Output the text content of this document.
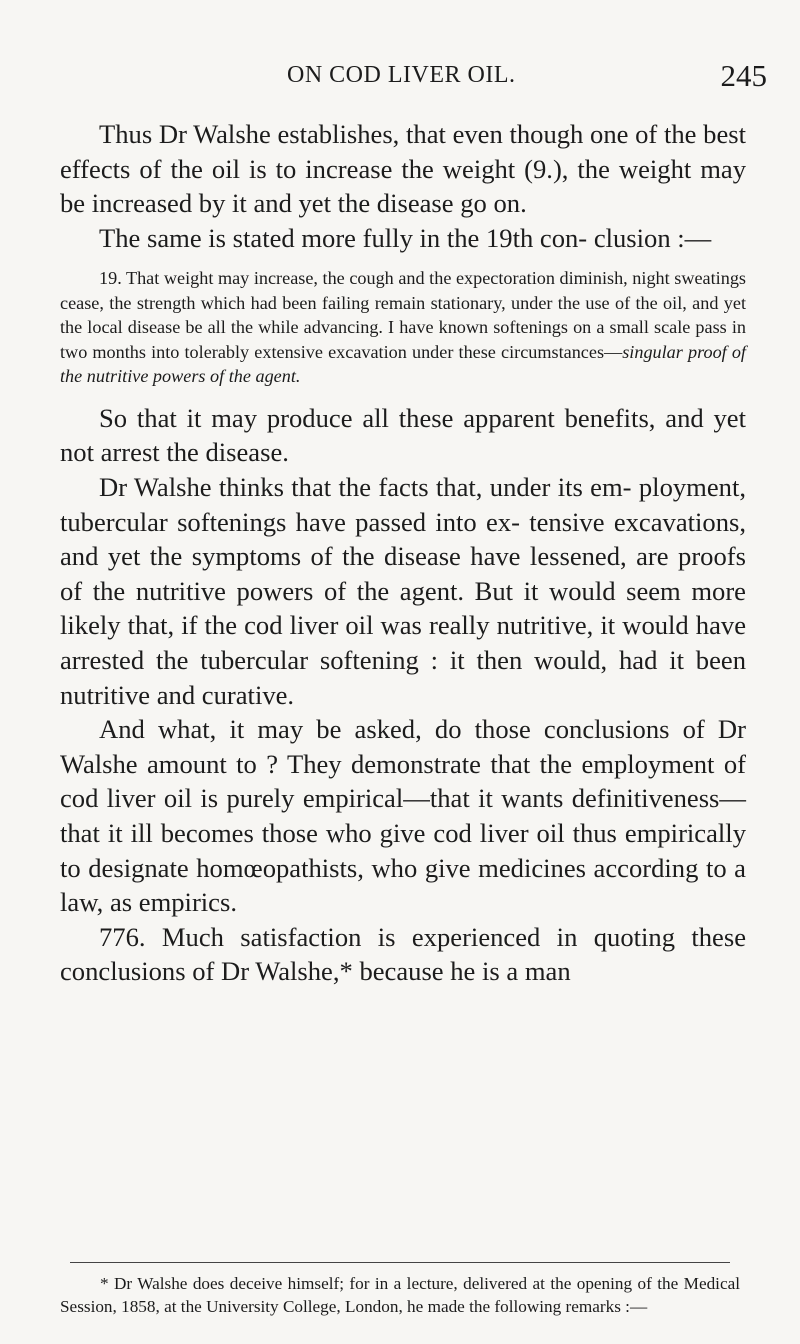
ON COD LIVER OIL.	245

Thus Dr Walshe establishes, that even though one of the best effects of the oil is to increase the weight (9.), the weight may be increased by it and yet the disease go on.

The same is stated more fully in the 19th con- clusion :—

19. That weight may increase, the cough and the expectoration diminish, night sweatings cease, the strength which had been failing remain stationary, under the use of the oil, and yet the local disease be all the while advancing. I have known softenings on a small scale pass in two months into tolerably extensive excavation under these circumstances—singular proof of the nutritive powers of the agent.

So that it may produce all these apparent benefits, and yet not arrest the disease.

Dr Walshe thinks that the facts that, under its em- ployment, tubercular softenings have passed into ex- tensive excavations, and yet the symptoms of the disease have lessened, are proofs of the nutritive powers of the agent. But it would seem more likely that, if the cod liver oil was really nutritive, it would have arrested the tubercular softening : it then would, had it been nutritive and curative.

And what, it may be asked, do those conclusions of Dr Walshe amount to ? They demonstrate that the employment of cod liver oil is purely empirical—that it wants definitiveness—that it ill becomes those who give cod liver oil thus empirically to designate homœopathists, who give medicines according to a law, as empirics.

776. Much satisfaction is experienced in quoting these conclusions of Dr Walshe,* because he is a man

* Dr Walshe does deceive himself; for in a lecture, delivered at the opening of the Medical Session, 1858, at the University College, London, he made the following remarks :—
